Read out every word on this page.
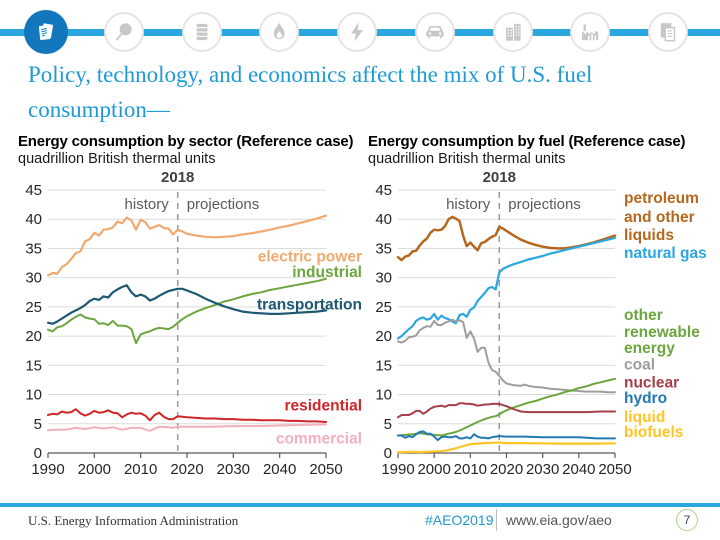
Policy, technology, and economics affect the mix of U.S. fuel consumption—
Energy consumption by sector (Reference case)
quadrillion British thermal units
0
5
10
15
20
25
30
35
40
45
1990 2000 2010 2020 2030 2040 2050
2018
history projections
electric power
industrial
transportation
residential
commercial
Energy consumption by fuel (Reference case)
quadrillion British thermal units
0
5
10
15
20
25
30
35
40
45
1990 2000 2010 2020 2030 2040 2050
2018
history projections	petroleum
and other
liquids
natural gas
coal
other
renewable
energy
nuclear
hydro
liquid
biofuels
U.S. Energy Information Administration	#AEO2019 www.eia.gov/aeo	7
